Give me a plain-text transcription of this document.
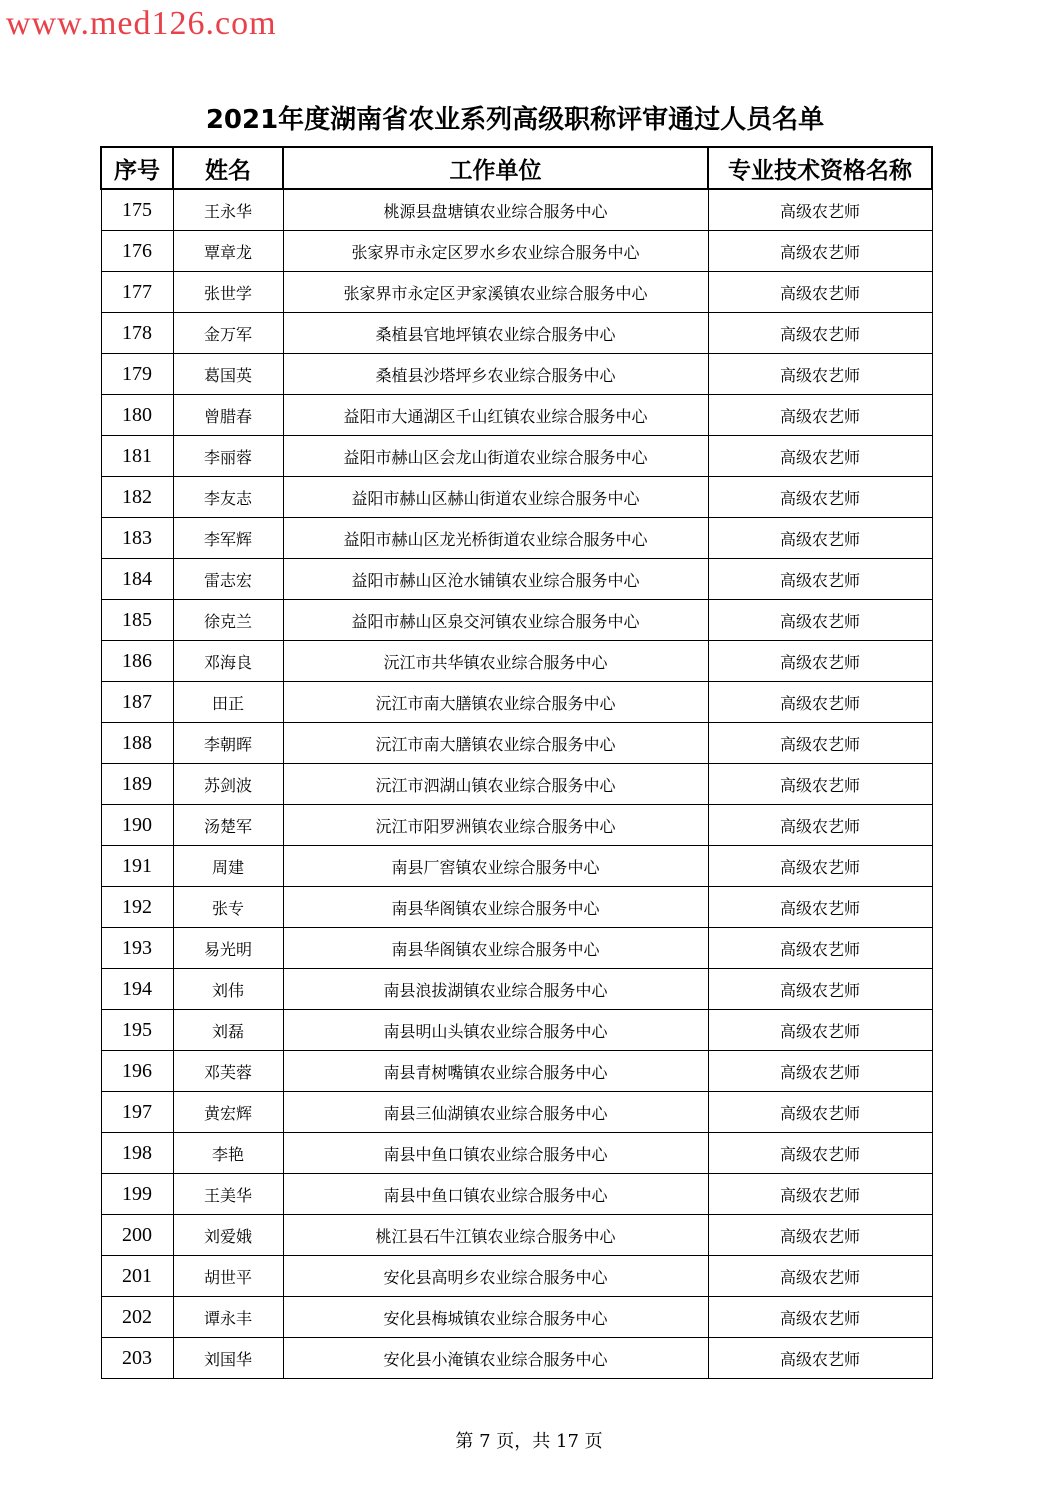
www.med126.com
2021年度湖南省农业系列高级职称评审通过人员名单
序号	姓名	工作单位	专业技术资格名称
175	王永华	桃源县盘塘镇农业综合服务中心	高级农艺师
176	覃章龙	张家界市永定区罗水乡农业综合服务中心	高级农艺师
177	张世学	张家界市永定区尹家溪镇农业综合服务中心	高级农艺师
178	金万军	桑植县官地坪镇农业综合服务中心	高级农艺师
179	葛国英	桑植县沙塔坪乡农业综合服务中心	高级农艺师
180	曾腊春	益阳市大通湖区千山红镇农业综合服务中心	高级农艺师
181	李丽蓉	益阳市赫山区会龙山街道农业综合服务中心	高级农艺师
182	李友志	益阳市赫山区赫山街道农业综合服务中心	高级农艺师
183	李军辉	益阳市赫山区龙光桥街道农业综合服务中心	高级农艺师
184	雷志宏	益阳市赫山区沧水铺镇农业综合服务中心	高级农艺师
185	徐克兰	益阳市赫山区泉交河镇农业综合服务中心	高级农艺师
186	邓海良	沅江市共华镇农业综合服务中心	高级农艺师
187	田正	沅江市南大膳镇农业综合服务中心	高级农艺师
188	李朝晖	沅江市南大膳镇农业综合服务中心	高级农艺师
189	苏剑波	沅江市泗湖山镇农业综合服务中心	高级农艺师
190	汤楚军	沅江市阳罗洲镇农业综合服务中心	高级农艺师
191	周建	南县厂窖镇农业综合服务中心	高级农艺师
192	张专	南县华阁镇农业综合服务中心	高级农艺师
193	易光明	南县华阁镇农业综合服务中心	高级农艺师
194	刘伟	南县浪拔湖镇农业综合服务中心	高级农艺师
195	刘磊	南县明山头镇农业综合服务中心	高级农艺师
196	邓芙蓉	南县青树嘴镇农业综合服务中心	高级农艺师
197	黄宏辉	南县三仙湖镇农业综合服务中心	高级农艺师
198	李艳	南县中鱼口镇农业综合服务中心	高级农艺师
199	王美华	南县中鱼口镇农业综合服务中心	高级农艺师
200	刘爱娥	桃江县石牛江镇农业综合服务中心	高级农艺师
201	胡世平	安化县高明乡农业综合服务中心	高级农艺师
202	谭永丰	安化县梅城镇农业综合服务中心	高级农艺师
203	刘国华	安化县小淹镇农业综合服务中心	高级农艺师
第 7 页，共 17 页
